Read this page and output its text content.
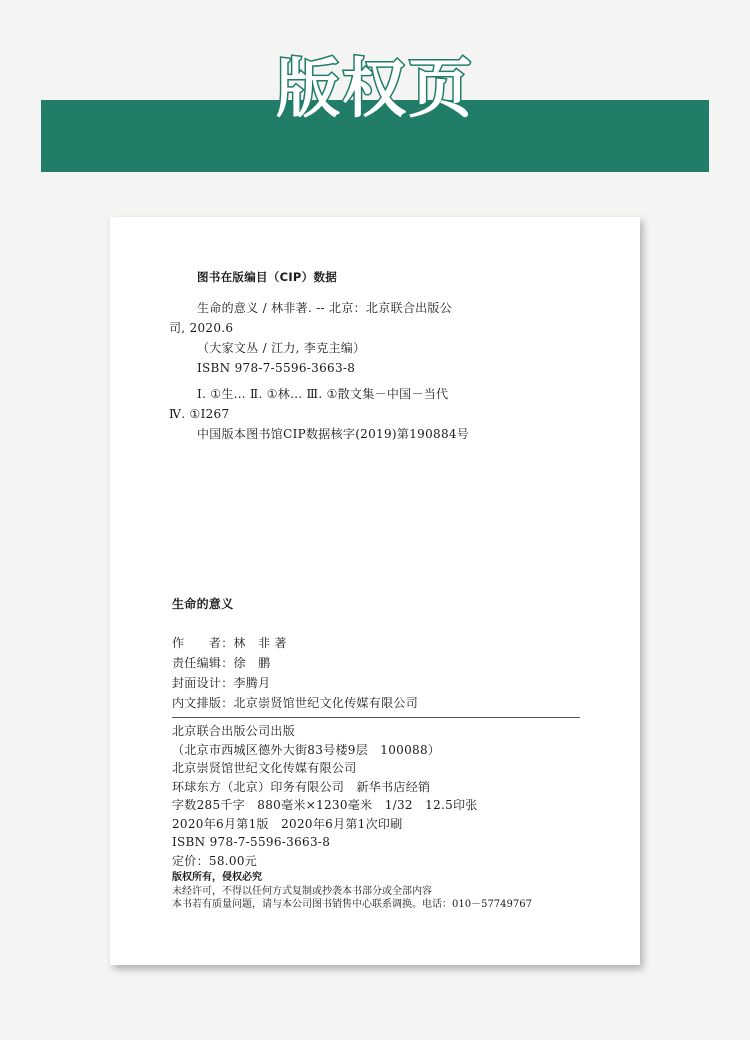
版权页
图书在版编目（CIP）数据
生命的意义 / 林非著. -- 北京：北京联合出版公
司, 2020.6
（大家文丛 / 江力, 李克主编）
ISBN 978-7-5596-3663-8
Ⅰ. ①生… Ⅱ. ①林… Ⅲ. ①散文集－中国－当代
Ⅳ. ①I267
中国版本图书馆CIP数据核字(2019)第190884号
生命的意义
作　　者：林　非 著
责任编辑：徐　鹏
封面设计：李腾月
内文排版：北京崇贤馆世纪文化传媒有限公司
北京联合出版公司出版
（北京市西城区德外大街83号楼9层　100088）
北京崇贤馆世纪文化传媒有限公司
环球东方（北京）印务有限公司　新华书店经销
字数285千字　880毫米×1230毫米　1/32　12.5印张
2020年6月第1版　2020年6月第1次印刷
ISBN 978-7-5596-3663-8
定价：58.00元
版权所有，侵权必究
未经许可，不得以任何方式复制或抄袭本书部分或全部内容
本书若有质量问题，请与本公司图书销售中心联系调换。电话：010－57749767
